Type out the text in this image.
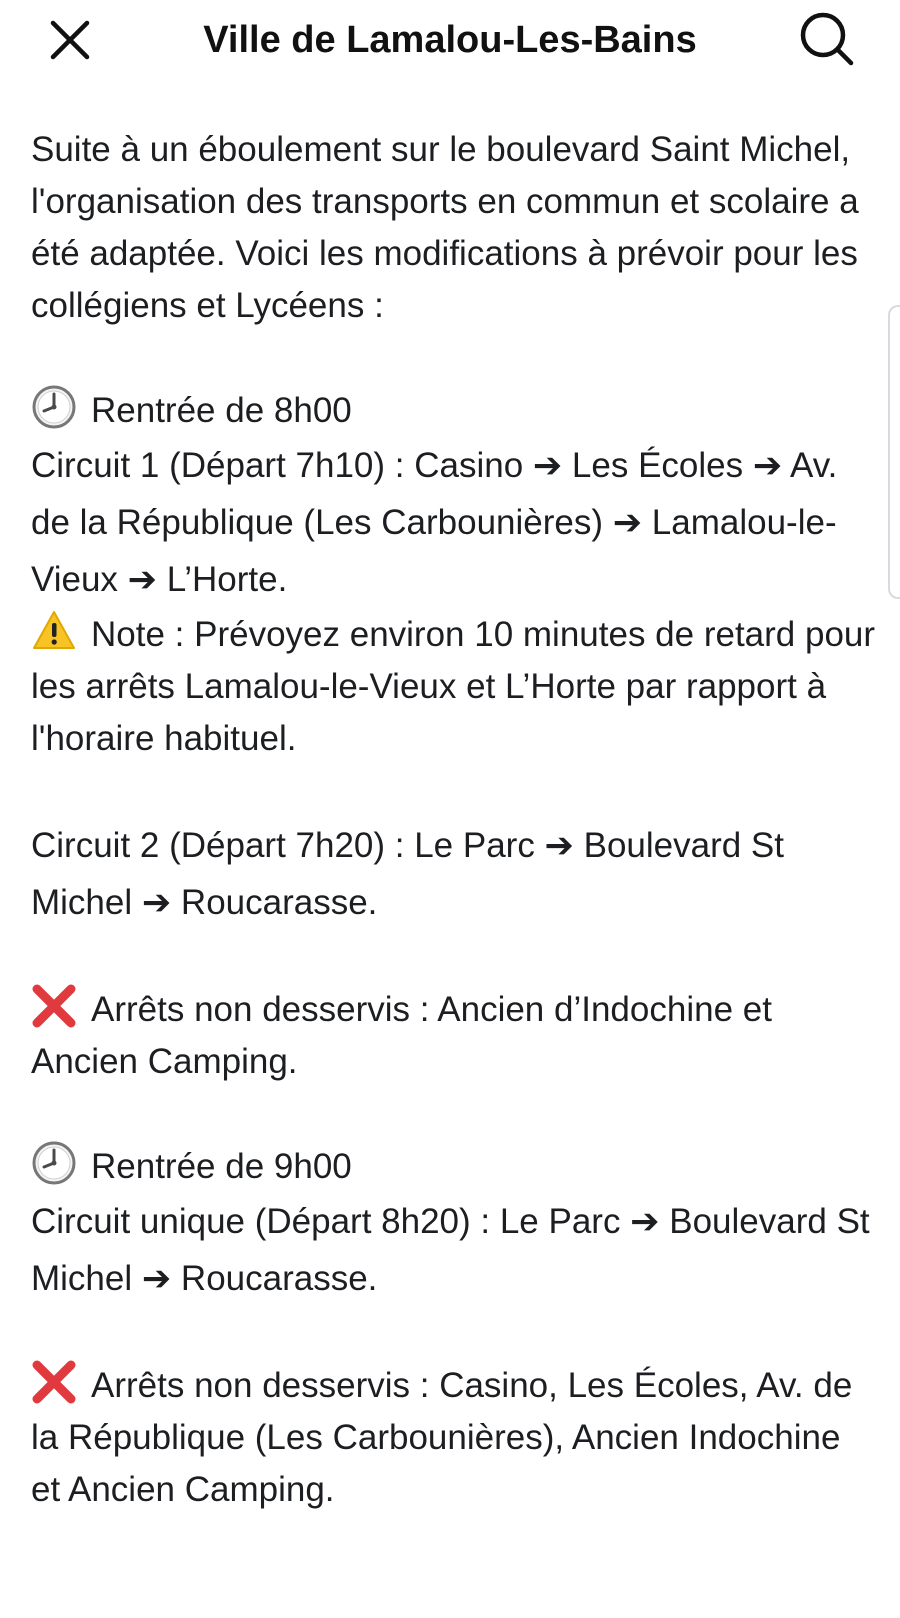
Ville de Lamalou-Les-Bains

Suite à un éboulement sur le boulevard Saint Michel, l'organisation des transports en commun et scolaire a été adaptée. Voici les modifications à prévoir pour les collégiens et Lycéens :

Rentrée de 8h00

Circuit 1 (Départ 7h10) : Casino ➔ Les Écoles ➔ Av. de la République (Les Carbounières) ➔ Lamalou-le-Vieux ➔ L’Horte.

Note : Prévoyez environ 10 minutes de retard pour les arrêts Lamalou-le-Vieux et L’Horte par rapport à l'horaire habituel.

Circuit 2 (Départ 7h20) : Le Parc ➔ Boulevard St Michel ➔ Roucarasse.

Arrêts non desservis : Ancien d’Indochine et Ancien Camping.

Rentrée de 9h00

Circuit unique (Départ 8h20) : Le Parc ➔ Boulevard St Michel ➔ Roucarasse.

Arrêts non desservis : Casino, Les Écoles, Av. de la République (Les Carbounières), Ancien Indochine et Ancien Camping.
